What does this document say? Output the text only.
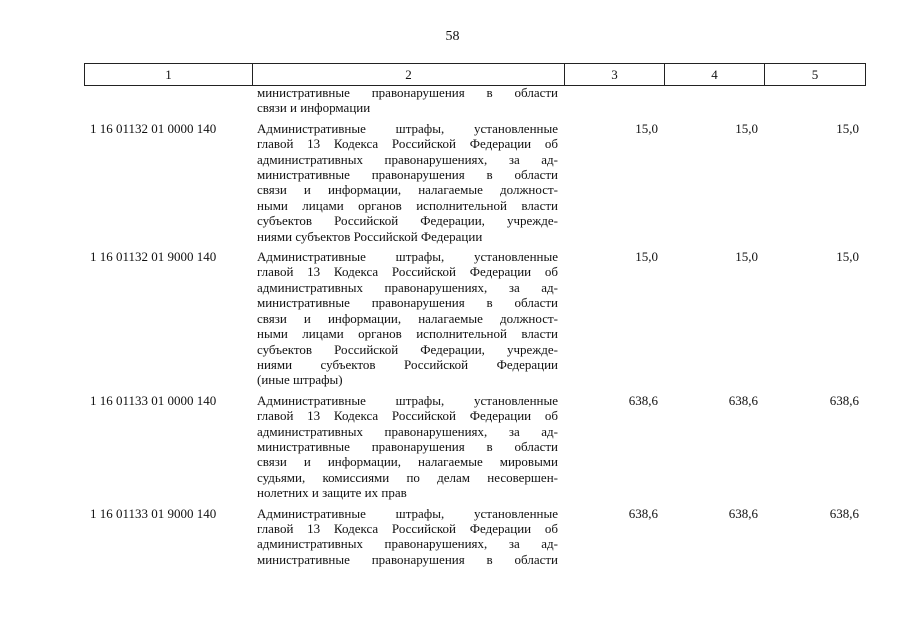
58
1	2	3	4	5
министративные правонарушения в области
связи и информации
1 16 01132 01 0000 140	Административные штрафы, установленные
главой 13 Кодекса Российской Федерации об
административных правонарушениях, за ад-
министративные правонарушения в области
связи и информации, налагаемые должност-
ными лицами органов исполнительной власти
субъектов Российской Федерации, учрежде-
ниями субъектов Российской Федерации
15,0	15,0	15,0
1 16 01132 01 9000 140	Административные штрафы, установленные
главой 13 Кодекса Российской Федерации об
административных правонарушениях, за ад-
министративные правонарушения в области
связи и информации, налагаемые должност-
ными лицами органов исполнительной власти
субъектов Российской Федерации, учрежде-
ниями субъектов Российской Федерации
(иные штрафы)
15,0	15,0	15,0
1 16 01133 01 0000 140	Административные штрафы, установленные
главой 13 Кодекса Российской Федерации об
административных правонарушениях, за ад-
министративные правонарушения в области
связи и информации, налагаемые мировыми
судьями, комиссиями по делам несовершен-
нолетних и защите их прав
638,6	638,6	638,6
1 16 01133 01 9000 140	Административные штрафы, установленные
главой 13 Кодекса Российской Федерации об
административных правонарушениях, за ад-
министративные правонарушения в области
638,6	638,6	638,6
